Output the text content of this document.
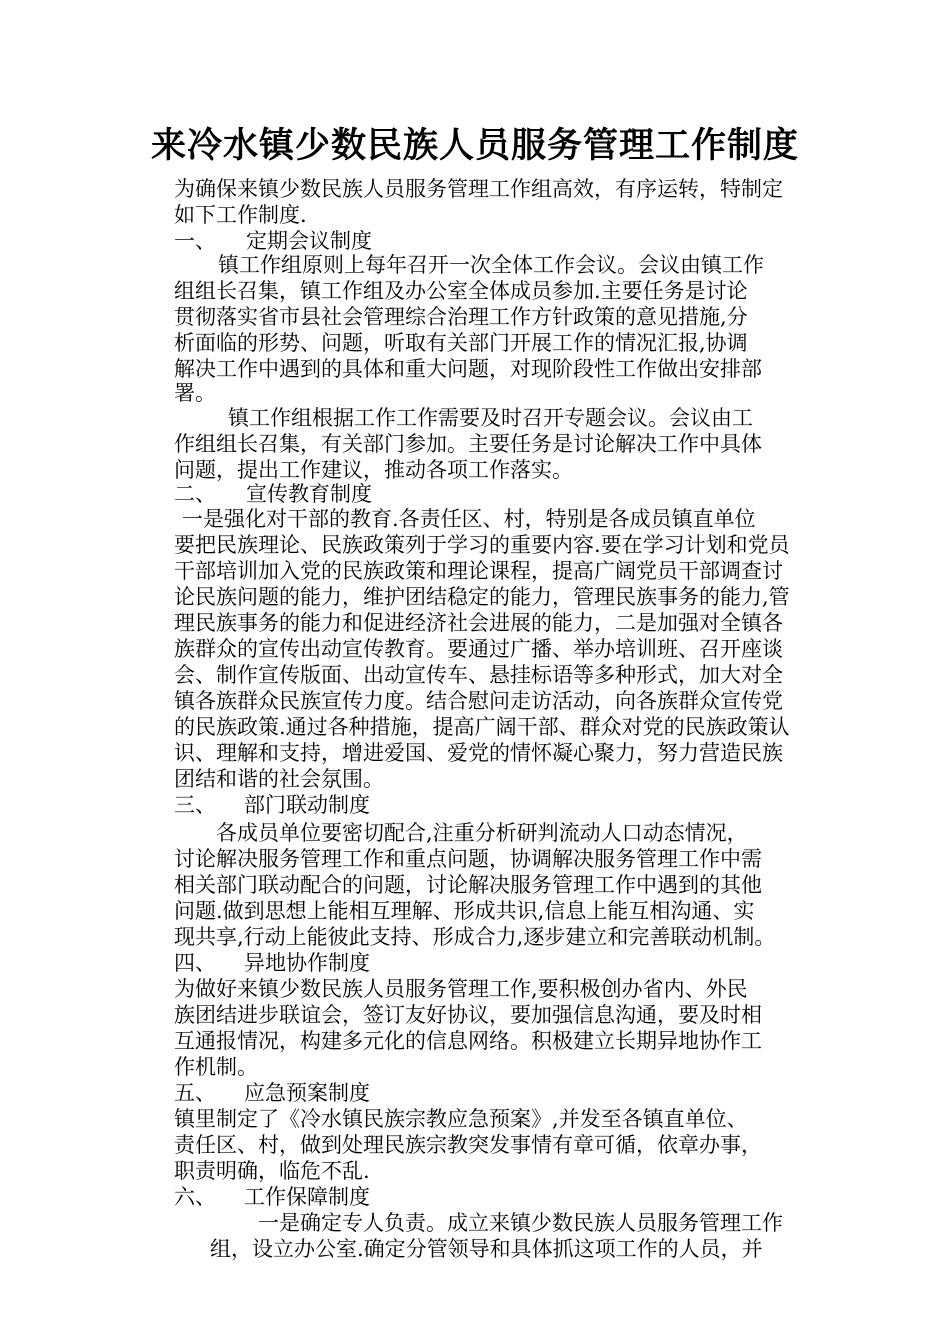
来冷水镇少数民族人员服务管理工作制度
为确保来镇少数民族人员服务管理工作组高效，有序运转，特制定
如下工作制度.
一、 定期会议制度
镇工作组原则上每年召开一次全体工作会议。会议由镇工作
组组长召集，镇工作组及办公室全体成员参加.主要任务是讨论
贯彻落实省市县社会管理综合治理工作方针政策的意见措施,分
析面临的形势、问题，听取有关部门开展工作的情况汇报,协调
解决工作中遇到的具体和重大问题，对现阶段性工作做出安排部
署。
镇工作组根据工作工作需要及时召开专题会议。会议由工
作组组长召集，有关部门参加。主要任务是讨论解决工作中具体
问题，提出工作建议，推动各项工作落实。
二、 宣传教育制度
一是强化对干部的教育.各责任区、村，特别是各成员镇直单位
要把民族理论、民族政策列于学习的重要内容.要在学习计划和党员
干部培训加入党的民族政策和理论课程，提高广阔党员干部调查讨
论民族问题的能力，维护团结稳定的能力，管理民族事务的能力,管
理民族事务的能力和促进经济社会进展的能力，二是加强对全镇各
族群众的宣传出动宣传教育。要通过广播、举办培训班、召开座谈
会、制作宣传版面、出动宣传车、悬挂标语等多种形式，加大对全
镇各族群众民族宣传力度。结合慰问走访活动，向各族群众宣传党
的民族政策.通过各种措施，提高广阔干部、群众对党的民族政策认
识、理解和支持，增进爱国、爱党的情怀凝心聚力，努力营造民族
团结和谐的社会氛围。
三、 部门联动制度
各成员单位要密切配合,注重分析研判流动人口动态情况，
讨论解决服务管理工作和重点问题，协调解决服务管理工作中需
相关部门联动配合的问题，讨论解决服务管理工作中遇到的其他
问题.做到思想上能相互理解、形成共识,信息上能互相沟通、实
现共享,行动上能彼此支持、形成合力,逐步建立和完善联动机制。
四、 异地协作制度
为做好来镇少数民族人员服务管理工作,要积极创办省内、外民
族团结进步联谊会，签订友好协议，要加强信息沟通，要及时相
互通报情况，构建多元化的信息网络。积极建立长期异地协作工
作机制。
五、 应急预案制度
镇里制定了《冷水镇民族宗教应急预案》,并发至各镇直单位、
责任区、村，做到处理民族宗教突发事情有章可循，依章办事，
职责明确，临危不乱.
六、 工作保障制度
一是确定专人负责。成立来镇少数民族人员服务管理工作
组，设立办公室.确定分管领导和具体抓这项工作的人员，并
